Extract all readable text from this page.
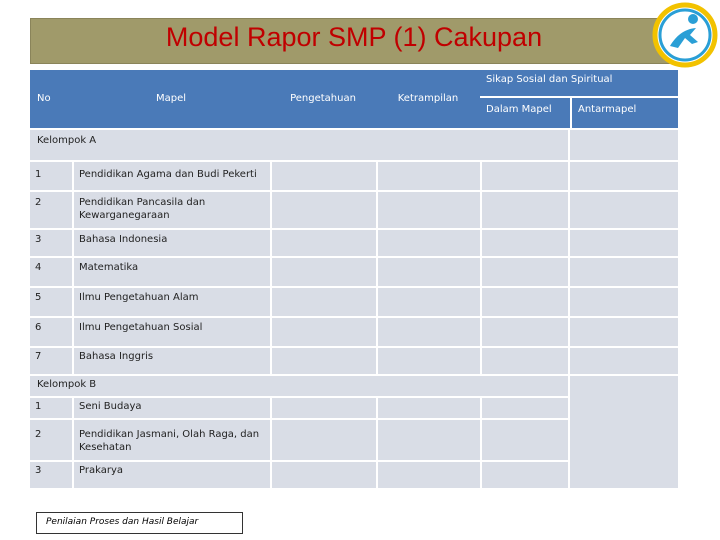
Model Rapor SMP (1) Cakupan
No	Mapel	Pengetahuan	Ketrampilan
Sikap Sosial dan Spiritual
Dalam Mapel	Antarmapel
Kelompok A
1	Pendidikan Agama dan Budi Pekerti
2	Pendidikan Pancasila dan Kewarganegaraan
3	Bahasa Indonesia
4	Matematika
5	Ilmu Pengetahuan Alam
6	Ilmu Pengetahuan Sosial
7	Bahasa Inggris
Kelompok B
1	Seni Budaya
2	Pendidikan Jasmani, Olah Raga, dan Kesehatan
3	Prakarya
Penilaian Proses dan Hasil Belajar
